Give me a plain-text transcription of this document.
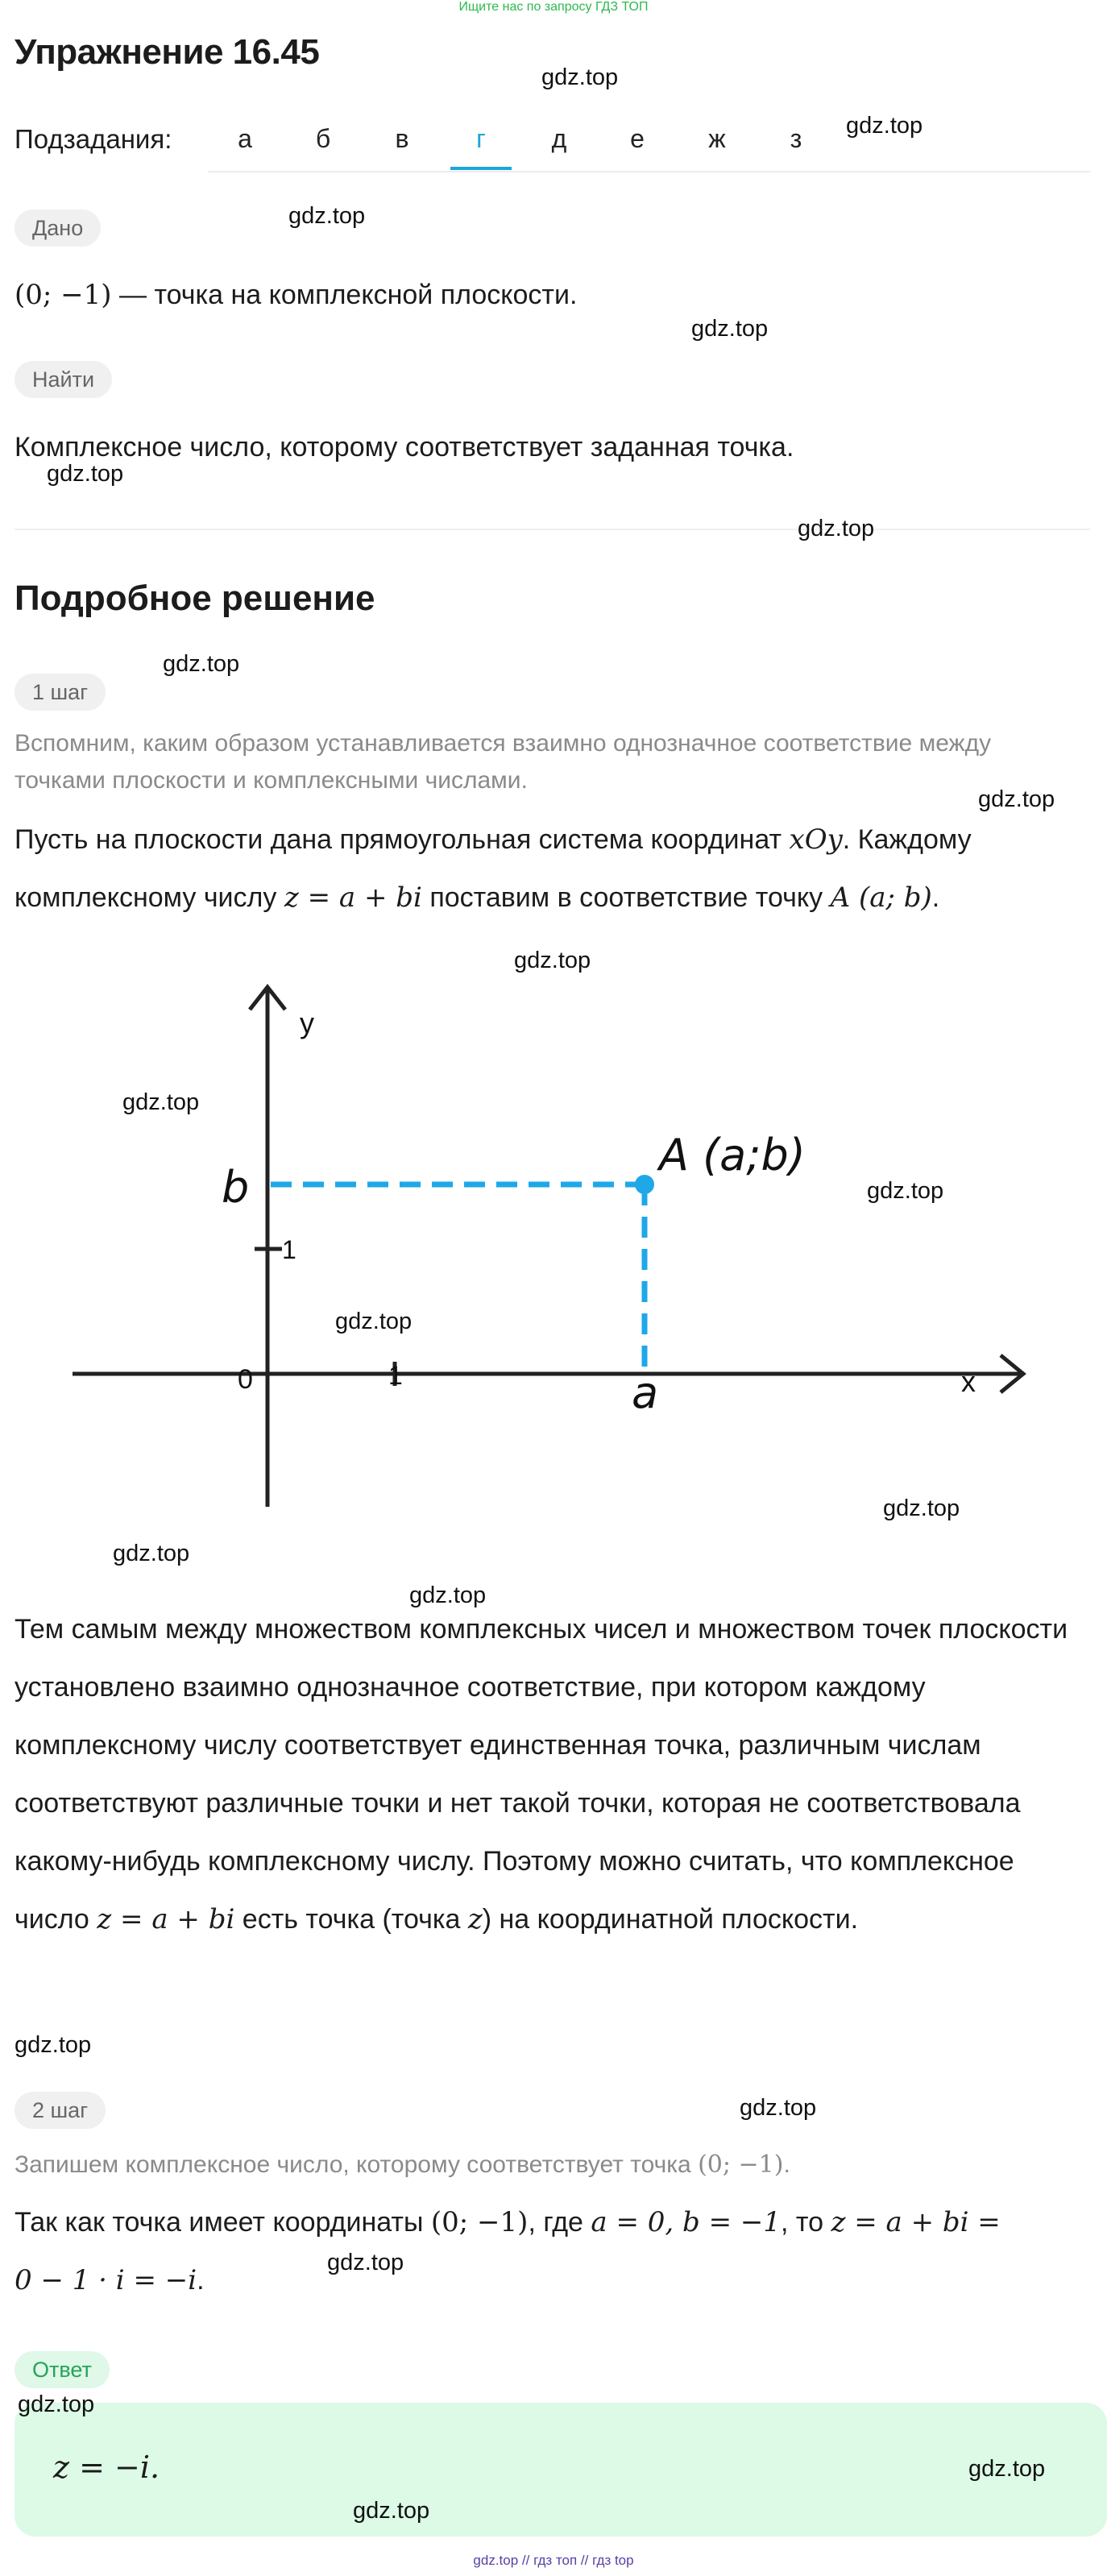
Ищите нас по запросу ГДЗ ТОП
Упражнение 16.45
Подзадания:	а	б	в	г	д	е	ж	з
Дано
(0; −1) — точка на комплексной плоскости.
Найти
Комплексное число, которому соответствует заданная точка.
Подробное решение
1 шаг
Вспомним, каким образом устанавливается взаимно однозначное соответствие между точками плоскости и комплексными числами.
Пусть на плоскости дана прямоугольная система координат xOy. Каждому
комплексному числу z = a + bi поставим в соответствие точку A (a; b).
y
x
0	1
1
b
a
A (a;b)
Тем самым между множеством комплексных чисел и множеством точек плоскости установлено взаимно однозначное соответствие, при котором каждому комплексному числу соответствует единственная точка, различным числам соответствуют различные точки и нет такой точки, которая не соответствовала какому-нибудь комплексному числу. Поэтому можно считать, что комплексное число z = a + bi есть точка (точка z) на координатной плоскости.
2 шаг
Запишем комплексное число, которому соответствует точка (0; −1).
Так как точка имеет координаты (0; −1), где a = 0, b = −1, то z = a + bi =
0 − 1 · i = −i.
Ответ
z = −i.
gdz.top
gdz.top
gdz.top
gdz.top
gdz.top
gdz.top
gdz.top
gdz.top
gdz.top
gdz.top
gdz.top
gdz.top
gdz.top
gdz.top
gdz.top
gdz.top
gdz.top
gdz.top
gdz.top
gdz.top
gdz.top
gdz.top // гдз топ // гдз top
